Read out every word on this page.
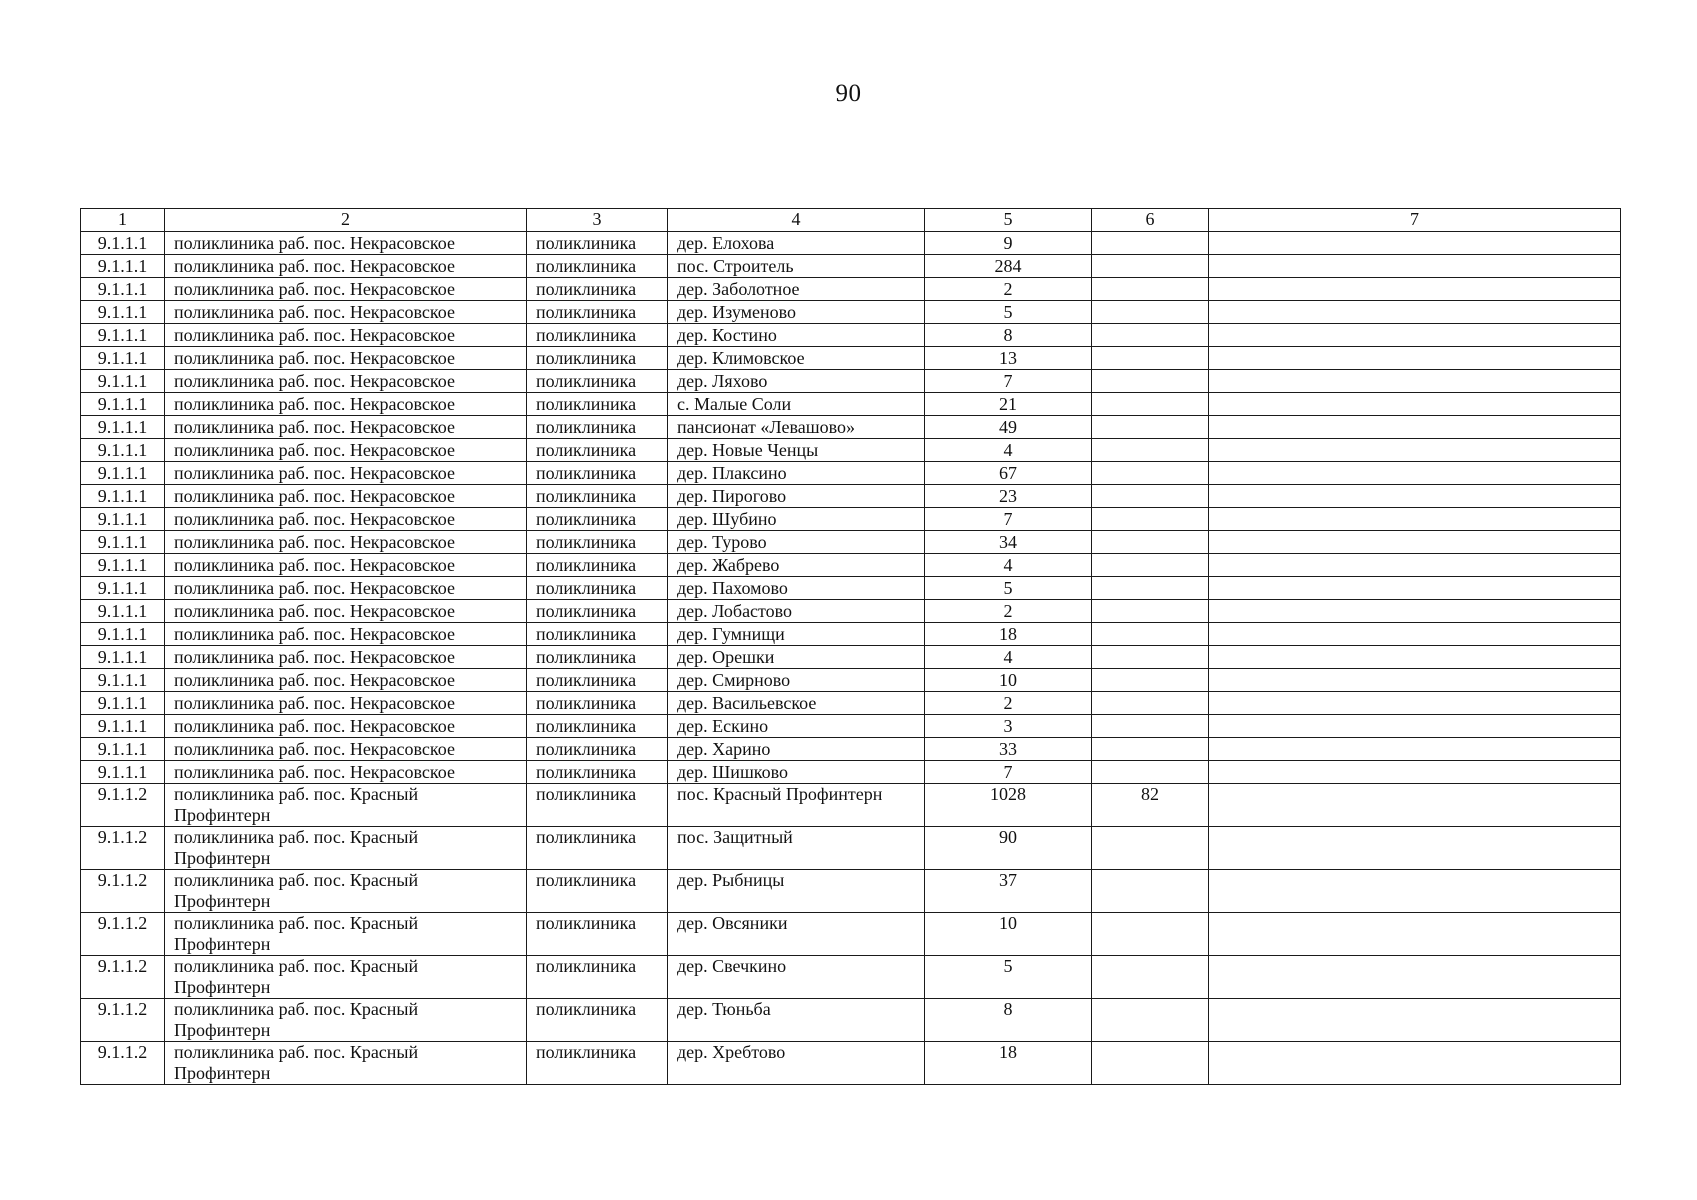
90
1	2	3	4	5	6	7
9.1.1.1	поликлиника раб. пос. Некрасовское	поликлиника	дер. Елохова	9		
9.1.1.1	поликлиника раб. пос. Некрасовское	поликлиника	пос. Строитель	284		
9.1.1.1	поликлиника раб. пос. Некрасовское	поликлиника	дер. Заболотное	2		
9.1.1.1	поликлиника раб. пос. Некрасовское	поликлиника	дер. Изуменово	5		
9.1.1.1	поликлиника раб. пос. Некрасовское	поликлиника	дер. Костино	8		
9.1.1.1	поликлиника раб. пос. Некрасовское	поликлиника	дер. Климовское	13		
9.1.1.1	поликлиника раб. пос. Некрасовское	поликлиника	дер. Ляхово	7		
9.1.1.1	поликлиника раб. пос. Некрасовское	поликлиника	с. Малые Соли	21		
9.1.1.1	поликлиника раб. пос. Некрасовское	поликлиника	пансионат «Левашово»	49		
9.1.1.1	поликлиника раб. пос. Некрасовское	поликлиника	дер. Новые Ченцы	4		
9.1.1.1	поликлиника раб. пос. Некрасовское	поликлиника	дер. Плаксино	67		
9.1.1.1	поликлиника раб. пос. Некрасовское	поликлиника	дер. Пирогово	23		
9.1.1.1	поликлиника раб. пос. Некрасовское	поликлиника	дер. Шубино	7		
9.1.1.1	поликлиника раб. пос. Некрасовское	поликлиника	дер. Турово	34		
9.1.1.1	поликлиника раб. пос. Некрасовское	поликлиника	дер. Жабрево	4		
9.1.1.1	поликлиника раб. пос. Некрасовское	поликлиника	дер. Пахомово	5		
9.1.1.1	поликлиника раб. пос. Некрасовское	поликлиника	дер. Лобастово	2		
9.1.1.1	поликлиника раб. пос. Некрасовское	поликлиника	дер. Гумнищи	18		
9.1.1.1	поликлиника раб. пос. Некрасовское	поликлиника	дер. Орешки	4		
9.1.1.1	поликлиника раб. пос. Некрасовское	поликлиника	дер. Смирново	10		
9.1.1.1	поликлиника раб. пос. Некрасовское	поликлиника	дер. Васильевское	2		
9.1.1.1	поликлиника раб. пос. Некрасовское	поликлиника	дер. Ескино	3		
9.1.1.1	поликлиника раб. пос. Некрасовское	поликлиника	дер. Харино	33		
9.1.1.1	поликлиника раб. пос. Некрасовское	поликлиника	дер. Шишково	7		
9.1.1.2	поликлиника раб. пос. Красный Профинтерн	поликлиника	пос. Красный Профинтерн	1028	82	
9.1.1.2	поликлиника раб. пос. Красный Профинтерн	поликлиника	пос. Защитный	90		
9.1.1.2	поликлиника раб. пос. Красный Профинтерн	поликлиника	дер. Рыбницы	37		
9.1.1.2	поликлиника раб. пос. Красный Профинтерн	поликлиника	дер. Овсяники	10		
9.1.1.2	поликлиника раб. пос. Красный Профинтерн	поликлиника	дер. Свечкино	5		
9.1.1.2	поликлиника раб. пос. Красный Профинтерн	поликлиника	дер. Тюньба	8		
9.1.1.2	поликлиника раб. пос. Красный Профинтерн	поликлиника	дер. Хребтово	18		
